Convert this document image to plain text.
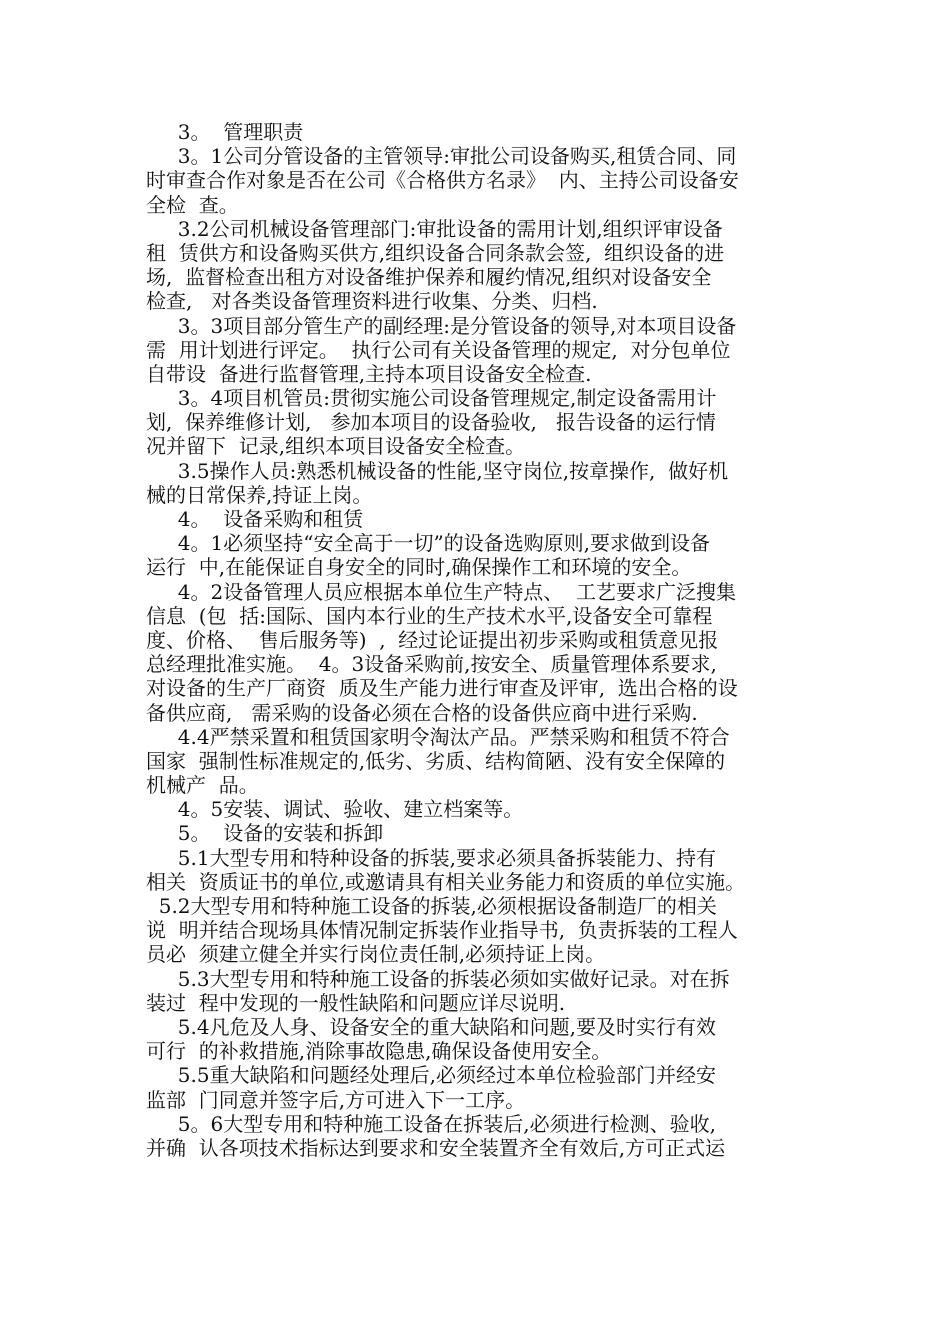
3。  管理职责
3。1公司分管设备的主管领导:审批公司设备购买,租赁合同、同
时审查合作对象是否在公司《合格供方名录》  内、主持公司设备安
全检  查。
3.2公司机械设备管理部门:审批设备的需用计划,组织评审设备
租  赁供方和设备购买供方,组织设备合同条款会签,  组织设备的进
场,  监督检查出租方对设备维护保养和履约情况,组织对设备安全
检查,   对各类设备管理资料进行收集、分类、归档.
3。3项目部分管生产的副经理:是分管设备的领导,对本项目设备
需  用计划进行评定。  执行公司有关设备管理的规定,  对分包单位
自带设  备进行监督管理,主持本项目设备安全检查.
3。4项目机管员:贯彻实施公司设备管理规定,制定设备需用计
划,  保养维修计划,   参加本项目的设备验收,   报告设备的运行情
况并留下  记录,组织本项目设备安全检查。
3.5操作人员:熟悉机械设备的性能,坚守岗位,按章操作,  做好机
械的日常保养,持证上岗。
4。  设备采购和租赁
4。1必须坚持“安全高于一切”的设备选购原则,要求做到设备
运行  中,在能保证自身安全的同时,确保操作工和环境的安全。
4。2设备管理人员应根据本单位生产特点、  工艺要求广泛搜集
信息  (包  括:国际、国内本行业的生产技术水平,设备安全可靠程
度、价格、  售后服务等)  ,  经过论证提出初步采购或租赁意见报
总经理批准实施。  4。3设备采购前,按安全、质量管理体系要求,
对设备的生产厂商资  质及生产能力进行审查及评审,  选出合格的设
备供应商,   需采购的设备必须在合格的设备供应商中进行采购.
4.4严禁采置和租赁国家明令淘汰产品。严禁采购和租赁不符合
国家  强制性标准规定的,低劣、劣质、结构简陋、没有安全保障的
机械产  品。
4。5安装、调试、验收、建立档案等。
5。  设备的安装和拆卸
5.1大型专用和特种设备的拆装,要求必须具备拆装能力、持有
相关  资质证书的单位,或邀请具有相关业务能力和资质的单位实施。
5.2大型专用和特种施工设备的拆装,必须根据设备制造厂的相关
说  明并结合现场具体情况制定拆装作业指导书,  负责拆装的工程人
员必  须建立健全并实行岗位责任制,必须持证上岗。
5.3大型专用和特种施工设备的拆装必须如实做好记录。对在拆
装过  程中发现的一般性缺陷和问题应详尽说明.
5.4凡危及人身、设备安全的重大缺陷和问题,要及时实行有效
可行  的补救措施,消除事故隐患,确保设备使用安全。
5.5重大缺陷和问题经处理后,必须经过本单位检验部门并经安
监部  门同意并签字后,方可进入下一工序。
5。6大型专用和特种施工设备在拆装后,必须进行检测、验收,
并确  认各项技术指标达到要求和安全装置齐全有效后,方可正式运
